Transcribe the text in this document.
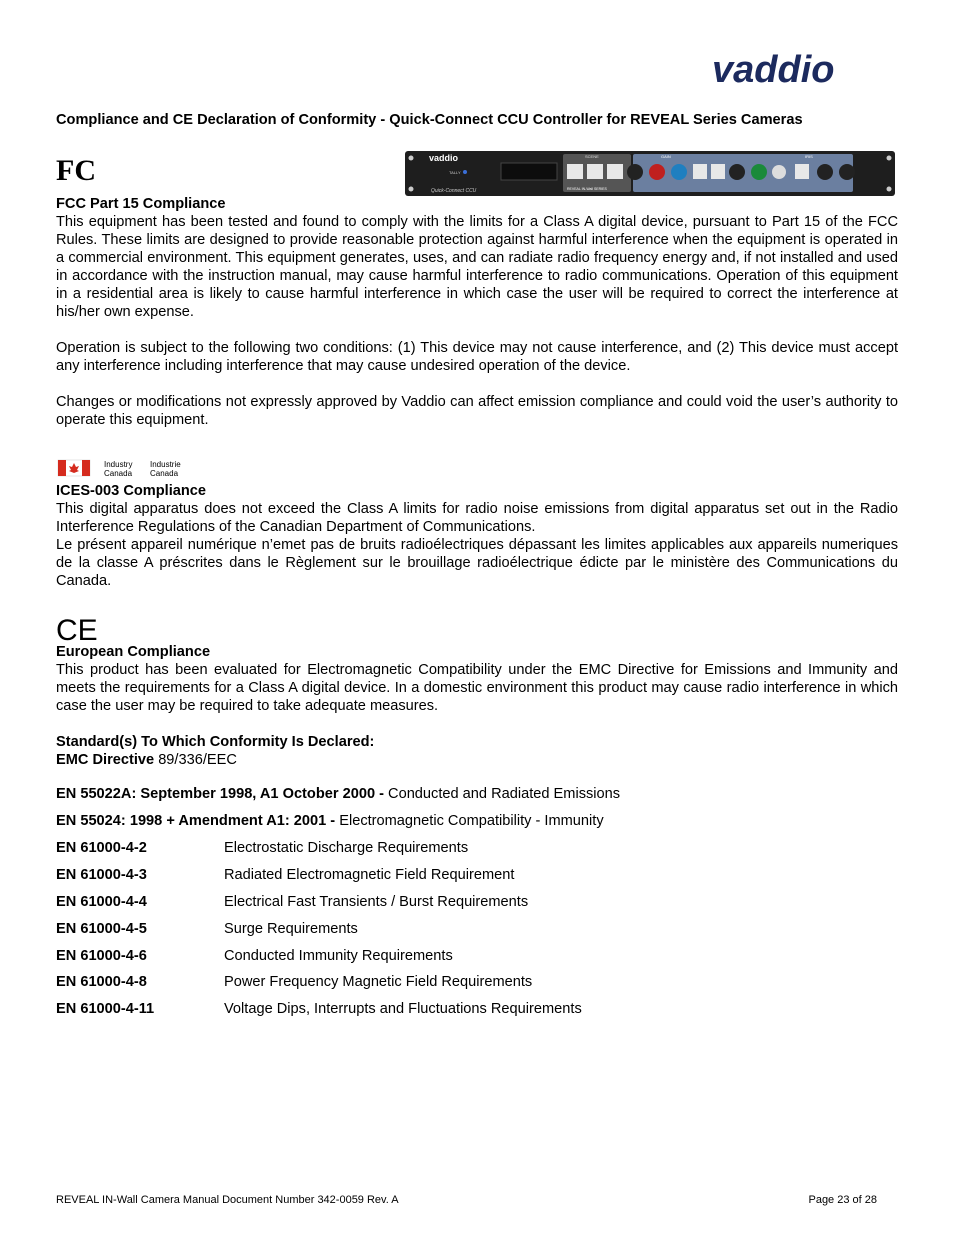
vaddio
Compliance and CE Declaration of Conformity - Quick-Connect CCU Controller for REVEAL Series Cameras
FC	vaddio
TALLY
Quick-Connect CCU
SCENE
REVEAL IN-Wall SERIES
GAIN	IRIS

FCC Part 15 Compliance

This equipment has been tested and found to comply with the limits for a Class A digital device, pursuant to Part 15 of the FCC Rules. These limits are designed to provide reasonable protection against harmful interference when the equipment is operated in a commercial environment. This equipment generates, uses, and can radiate radio frequency energy and, if not installed and used in accordance with the instruction manual, may cause harmful interference to radio communications. Operation of this equipment in a residential area is likely to cause harmful interference in which case the user will be required to correct the interference at his/her own expense.

Operation is subject to the following two conditions: (1) This device may not cause interference, and (2) This device must accept any interference including interference that may cause undesired operation of the device.

Changes or modifications not expressly approved by Vaddio can affect emission compliance and could void the user’s authority to operate this equipment.

Industry
Canada
Industrie
Canada

ICES-003 Compliance

This digital apparatus does not exceed the Class A limits for radio noise emissions from digital apparatus set out in the Radio Interference Regulations of the Canadian Department of Communications.

Le présent appareil numérique n’emet pas de bruits radioélectriques dépassant les limites applicables aux appareils numeriques de la classe A préscrites dans le Règlement sur le brouillage radioélectrique édicte par le ministère des Communications du Canada.

CE

European Compliance

This product has been evaluated for Electromagnetic Compatibility under the EMC Directive for Emissions and Immunity and meets the requirements for a Class A digital device. In a domestic environment this product may cause radio interference in which case the user may be required to take adequate measures.

Standard(s) To Which Conformity Is Declared:

EMC Directive 89/336/EEC

EN 55022A: September 1998, A1 October 2000 - Conducted and Radiated Emissions
EN 55024: 1998 + Amendment A1: 2001 - Electromagnetic Compatibility - Immunity
EN 61000-4-2	Electrostatic Discharge Requirements
EN 61000-4-3	Radiated Electromagnetic Field Requirement
EN 61000-4-4	Electrical Fast Transients / Burst Requirements
EN 61000-4-5	Surge Requirements
EN 61000-4-6	Conducted Immunity Requirements
EN 61000-4-8	Power Frequency Magnetic Field Requirements
EN 61000-4-11	Voltage Dips, Interrupts and Fluctuations Requirements
REVEAL IN-Wall Camera Manual Document Number 342-0059 Rev. A	Page 23 of 28
